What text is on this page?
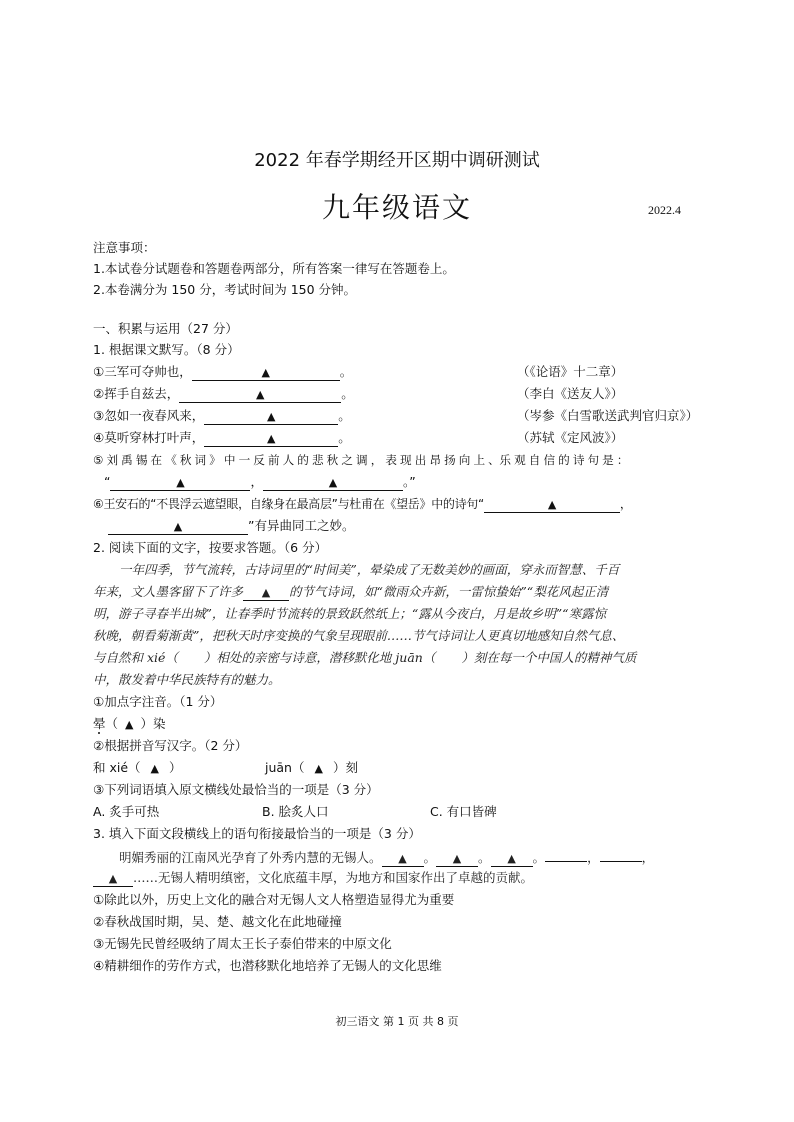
2022 年春学期经开区期中调研测试
九年级语文	2022.4
注意事项：
1.本试卷分试题卷和答题卷两部分，所有答案一律写在答题卷上。
2.本卷满分为 150 分，考试时间为 150 分钟。
一、积累与运用（27 分）
1. 根据课文默写。（8 分）
①三军可夺帅也，	▲	。	（《论语》十二章）
②挥手自兹去，	▲	。	（李白《送友人》）
③忽如一夜春风来，	▲	。	（岑参《白雪歌送武判官归京》）
④莫听穿林打叶声，	▲	。	（苏轼《定风波》）
⑤ 刘 禹 锡 在 《 秋 词 》 中 一 反 前 人 的 悲 秋 之 调 ， 表 现 出 昂 扬 向 上 、乐 观 自 信 的 诗 句 是 ：
“	▲	，	▲	。”
⑥王安石的“不畏浮云遮望眼，自缘身在最高层”与杜甫在《望岳》中的诗句“	▲	，
▲	”有异曲同工之妙。
2. 阅读下面的文字，按要求答题。（6 分）
一年四季，节气流转，古诗词里的“时间美”，晕染成了无数美妙的画面，穿永而智慧、千百
年来，文人墨客留下了许多 ▲ 的节气诗词，如“微雨众卉新，一雷惊蛰始”“梨花风起正清
明，游子寻春半出城”，让春季时节流转的景致跃然纸上；“露从今夜白，月是故乡明”“寒露惊
秋晚，朝看菊渐黄”，把秋天时序变换的气象呈现眼前……节气诗词让人更真切地感知自然气息、
与自然和 xié（ ）相处的亲密与诗意，潜移默化地 juān（ ）刻在每一个中国人的精神气质
中，散发着中华民族特有的魅力。
①加点字注音。（1 分）
晕（ ▲ ）染
②根据拼音写汉字。（2 分）
和 xié（ ▲ ）	juān（ ▲ ）刻
③下列词语填入原文横线处最恰当的一项是（3 分）
A. 炙手可热	B. 脍炙人口	C. 有口皆碑
3. 填入下面文段横线上的语句衔接最恰当的一项是（3 分）
明媚秀丽的江南风光孕育了外秀内慧的无锡人。 ▲ 。 ▲ 。 ▲ 。	，	，
▲ ……无锡人精明缜密，文化底蕴丰厚，为地方和国家作出了卓越的贡献。
①除此以外，历史上文化的融合对无锡人文人格塑造显得尤为重要
②春秋战国时期，吴、楚、越文化在此地碰撞
③无锡先民曾经吸纳了周太王长子泰伯带来的中原文化
④精耕细作的劳作方式，也潜移默化地培养了无锡人的文化思维
初三语文 第 1 页 共 8 页
